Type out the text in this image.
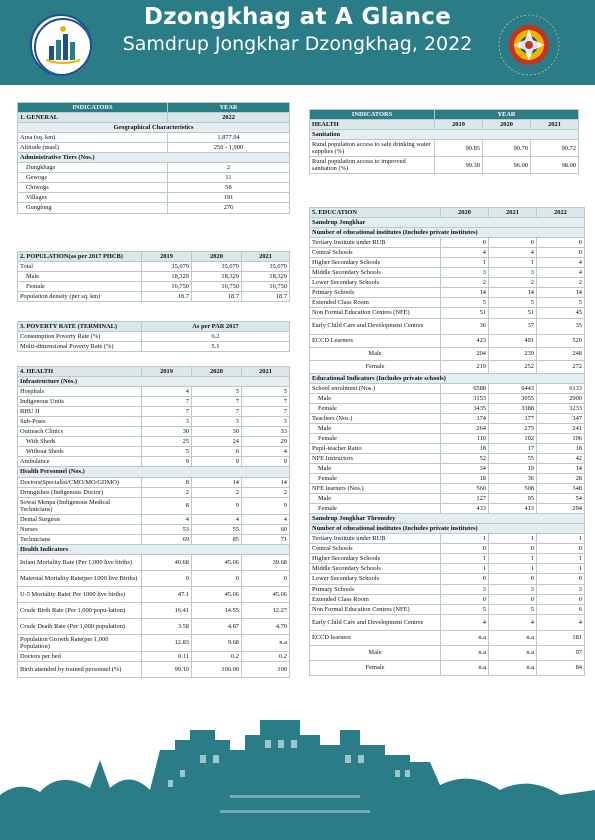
Dzongkhag at A Glance
Samdrup Jongkhar Dzongkhag, 2022
INDICATORS	YEAR
1. GENERAL	2022
Geographical Characteristics	
Area (sq. km)	1,877.94
Altitude (masl)	250 - 1,900
Administrative Tiers (Nos.)	
Dungkhags	2
Gewogs	11
Chiwogs	58
Villages	191
Gungtong	276
2. POPULATION(as per 2017 PHCB)	2019	2020	2021
Total	35,079	35,079	35,079
Male	18,329	18,329	18,329
Female	16,750	16,750	16,750
Population density (per sq. km)	18.7	18.7	18.7
3. POVERTY RATE (TERMINAL)	As per PAR 2017
Consumption Poverty Rate (%)	6.2
Multi-dimensional Poverty Rate (%)	5.1
4. HEALTH	2019	2020	2021
Infrastructure (Nos.)			
Hospitals	4	5	5
Indigenous Units	7	7	7
BHU II	7	7	7
Sub-Posts	3	3	3
Outreach Clinics	30	30	33
With Sheds	25	24	29
Without Sheds	5	6	4
Ambulance	9	9	9
Health Personnel (Nos.)			
Doctors(Specialist/CMO/MO/GDMO)	8	14	14
Drungtshos (Indigenous Doctor)	2	2	2
Sowai Menpa (Indigenous Medical Technicians)	8	9	9
Dental Surgeon	4	4	4
Nurses	53	55	60
Technicians	69	85	71
Health Indicators			
Infant Mortality Rate (Per 1,000 live births)	40.68	45.06	39.68
Maternal Mortality Rate(per 1000 live Births)	0	0	0
U-5 Mortality Rate( Per 1000 live births)	47.1	45.06	45.06
Crude Birth Rate (Per 1,000 popu-lation)	16.41	14.55	12.27
Crude Death Rate (Per 1,000 population)	3.58	4.87	4.79
Population Growth Rate(per 1,000 Population)	12.83	9.68	n.a
Doctors per bed	0.11	0.2	0.2
Birth attended by trained personnel (%)	99.10	100.00	100
INDICATORS	YEAR		
HEALTH	2019	2020	2021
Sanitation			
Rural population access to safe drinking water supplies (%)	99.85	99.70	99.72
Rural population access to improved sanitation (%)	99.30	96.00	98.00
5. EDUCATION	2020	2021	2022
Samdrup Jongkhar			
Number of educational institutes (Includes private institutes)			
Tertiary Institute under RUB	0	0	0
Central Schools	4	4	0
Higher Secondary Schools	1	1	4
Middle Secondary Schools	3	3	4
Lower Secondary Schools	2	2	2
Primary Schools	14	14	14
Extended Class Room	5	5	5
Non Formal Education Centres (NFE)	51	51	45
Early Child Care and Development Centres	36	37	35
ECCD Learners	423	491	520
Male	204	239	248
Female	219	252	272
Educational Indicators (Includes private schools)			
School enrolment (Nos.)	6588	6443	6133
Male	3153	3055	2900
Female	3435	3388	3233
Teachers (Nos.)	374	377	347
Male	264	275	241
Female	110	102	106
Pupil-teacher Ratio	18	17	18
NFE Instructors	52	55	42
Male	34	19	14
Female	18	36	28
NFE learners (Nos.)	560	508	348
Male	127	95	54
Female	433	413	294
Samdrup Jongkhar Thromdey			
Number of educational institutes (Includes private institutes)			
Tertiary Institute under RUB	1	1	1
Central Schools	0	0	0
Higher Secondary Schools	1	1	1
Middle Secondary Schools	1	1	1
Lower Secondary Schools	0	0	0
Primary Schools	3	3	3
Extended Class Room	0	0	0
Non Formal Education Centres (NFE)	5	5	6
Early Child Care and Development Centres	4	4	4
ECCD learners	n.a	n.a	181
Male	n.a	n.a	97
Female	n.a	n.a	84
